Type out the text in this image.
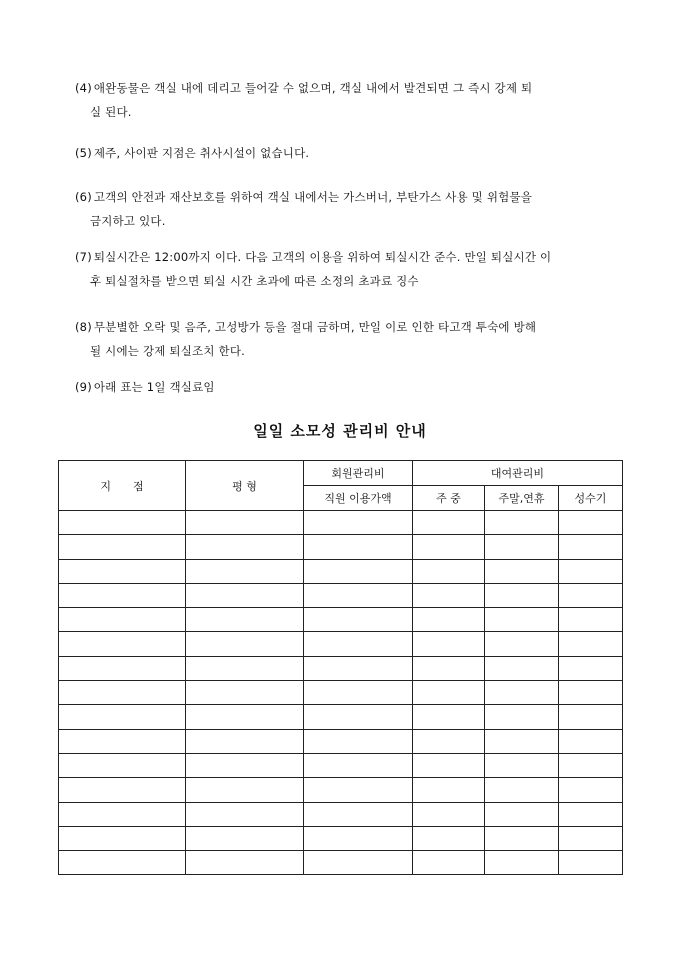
(4) 애완동물은 객실 내에 데리고 들어갈 수 없으며, 객실 내에서 발견되면 그 즉시 강제 퇴
실 된다.
(5) 제주, 사이판 지점은 취사시설이 없습니다.
(6) 고객의 안전과 재산보호를 위하여 객실 내에서는 가스버너, 부탄가스 사용 및 위험물을
금지하고 있다.
(7) 퇴실시간은 12:00까지 이다. 다음 고객의 이용을 위하여 퇴실시간 준수. 만일 퇴실시간 이
후 퇴실절차를 받으면 퇴실 시간 초과에 따른 소정의 초과료 징수
(8) 무분별한 오락 및 음주, 고성방가 등을 절대 금하며, 만일 이로 인한 타고객 투숙에 방해
될 시에는 강제 퇴실조치 한다.
(9) 아래 표는 1일 객실료임
일일 소모성 관리비 안내
지　　점	평 형	회원관리비	대여관리비		
		직원 이용가액	주 중	주말,연휴	성수기
